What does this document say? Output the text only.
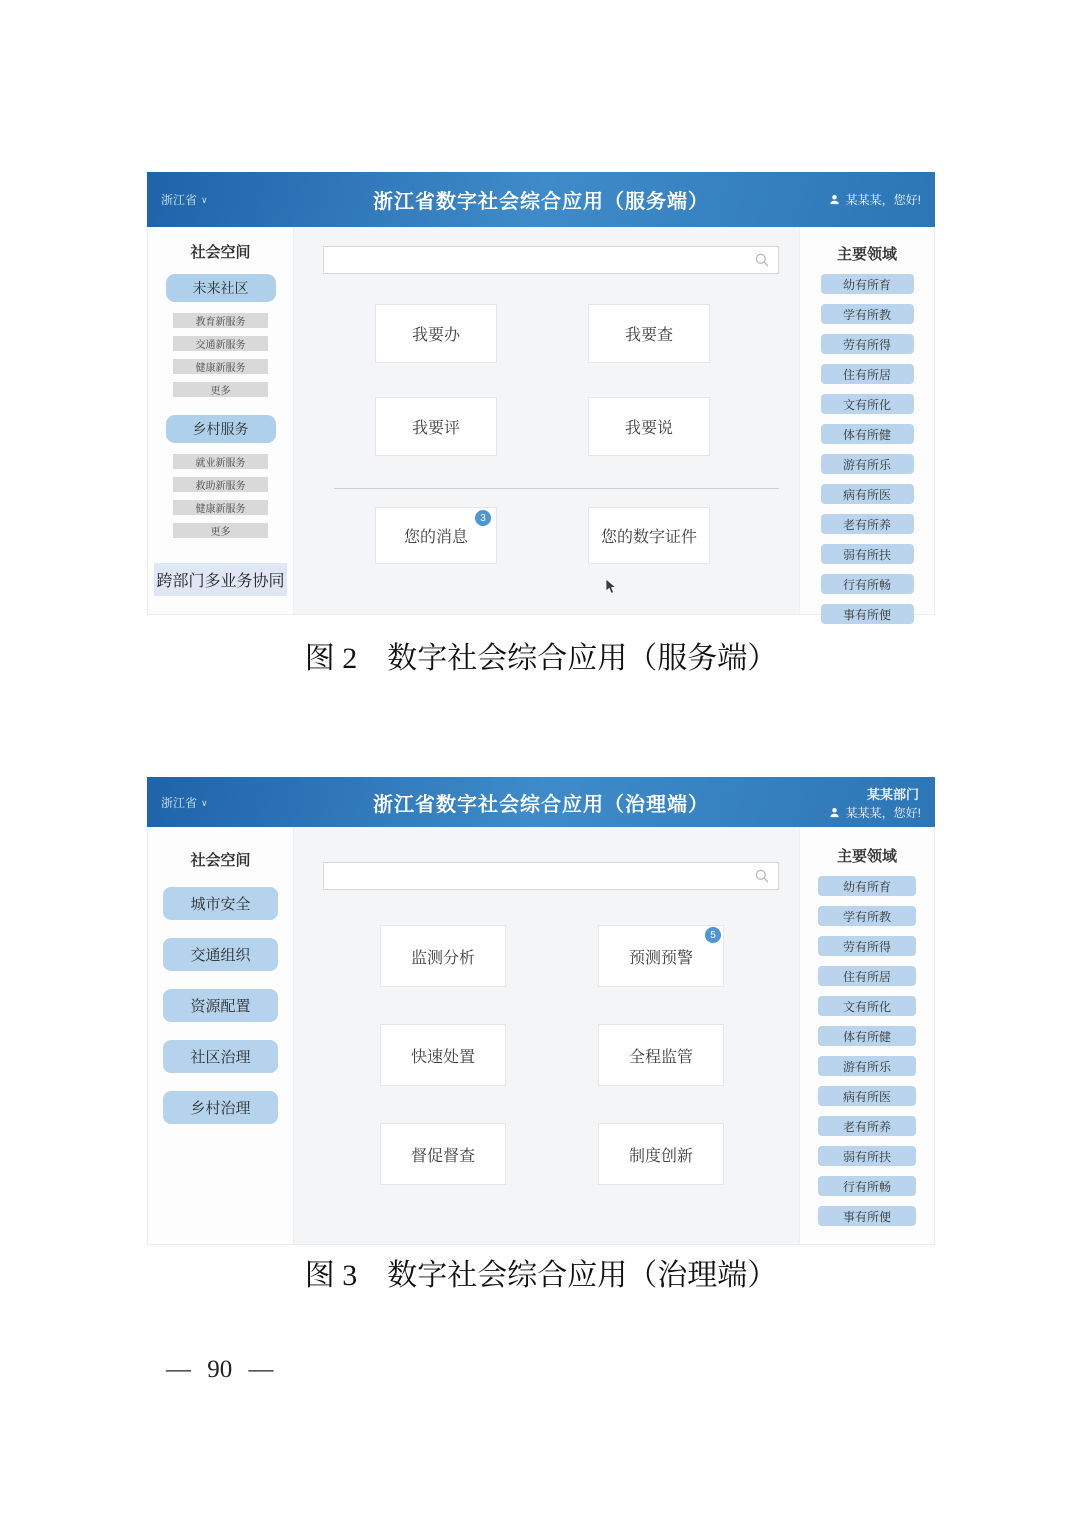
浙江省 ∨	浙江省数字社会综合应用（服务端）	某某某，您好!
社会空间
未来社区
教育新服务
交通新服务
健康新服务
更多
乡村服务
就业新服务
救助新服务
健康新服务
更多
跨部门多业务协同
我要办	我要查
我要评	我要说
您的消息
3
您的数字证件
主要领域
幼有所育
学有所教
劳有所得
住有所居
文有所化
体有所健
游有所乐
病有所医
老有所养
弱有所扶
行有所畅
事有所便
图 2　数字社会综合应用（服务端）
浙江省 ∨	浙江省数字社会综合应用（治理端）	某某部门
某某某，您好!
社会空间
城市安全
交通组织
资源配置
社区治理
乡村治理
监测分析	预测预警
5
快速处置	全程监管
督促督查	制度创新
主要领域
幼有所育
学有所教
劳有所得
住有所居
文有所化
体有所健
游有所乐
病有所医
老有所养
弱有所扶
行有所畅
事有所便
图 3　数字社会综合应用（治理端）
— 90 —
